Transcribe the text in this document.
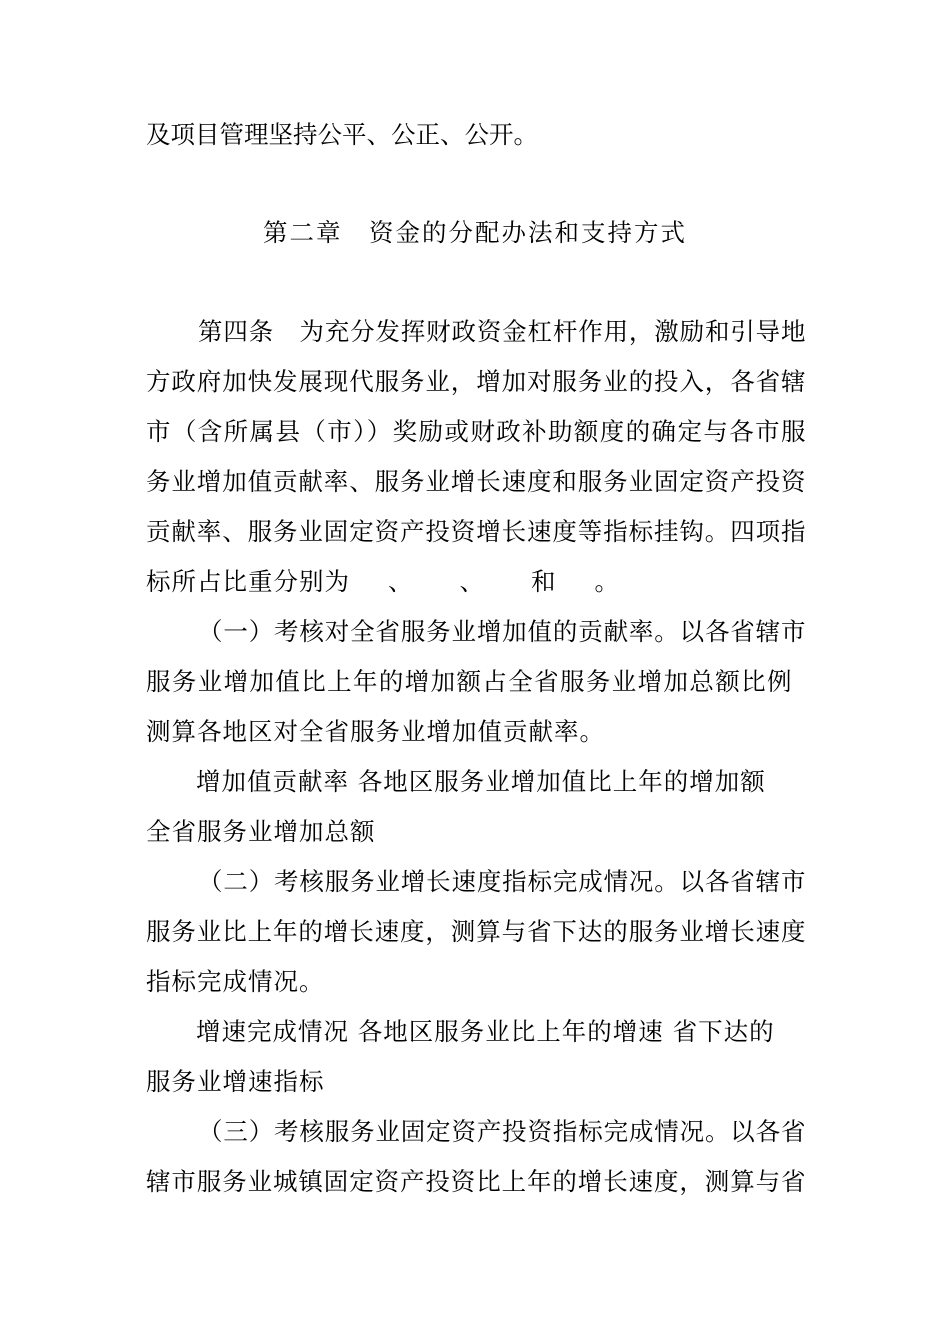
及项目管理坚持公平、公正、公开。
第二章　资金的分配办法和支持方式
第四条　为充分发挥财政资金杠杆作用，激励和引导地
方政府加快发展现代服务业，增加对服务业的投入，各省辖
市（含所属县（市））奖励或财政补助额度的确定与各市服
务业增加值贡献率、服务业增长速度和服务业固定资产投资
贡献率、服务业固定资产投资增长速度等指标挂钩。四项指
标所占比重分别为 、 、 和 。
（一）考核对全省服务业增加值的贡献率。以各省辖市
服务业增加值比上年的增加额占全省服务业增加总额比例
测算各地区对全省服务业增加值贡献率。
增加值贡献率 各地区服务业增加值比上年的增加额
全省服务业增加总额
（二）考核服务业增长速度指标完成情况。以各省辖市
服务业比上年的增长速度，测算与省下达的服务业增长速度
指标完成情况。
增速完成情况 各地区服务业比上年的增速 省下达的
服务业增速指标
（三）考核服务业固定资产投资指标完成情况。以各省
辖市服务业城镇固定资产投资比上年的增长速度，测算与省
